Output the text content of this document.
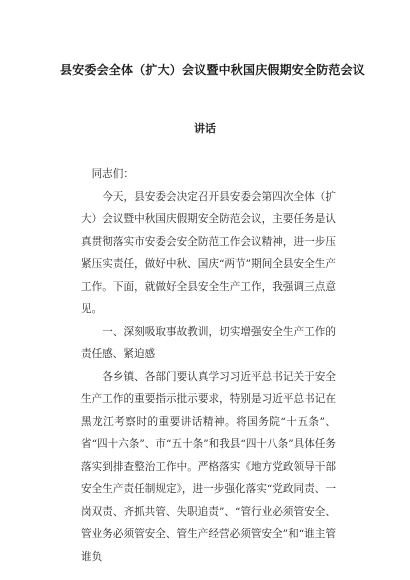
县安委会全体（扩大）会议暨中秋国庆假期安全防范会议
讲话

同志们：

今天，县安委会决定召开县安委会第四次全体（扩大）会议暨中秋国庆假期安全防范会议，主要任务是认真贯彻落实市安委会安全防范工作会议精神，进一步压紧压实责任，做好中秋、国庆“两节”期间全县安全生产工作。下面，就做好全县安全生产工作，我强调三点意见。

一、深刻吸取事故教训，切实增强安全生产工作的责任感、紧迫感

各乡镇、各部门要认真学习习近平总书记关于安全生产工作的重要指示批示要求，特别是习近平总书记在黑龙江考察时的重要讲话精神。将国务院“十五条”、省“四十六条”、市“五十条”和我县“四十八条”具体任务落实到排查整治工作中。严格落实《地方党政领导干部安全生产责任制规定》，进一步强化落实“党政同责、一岗双责、齐抓共管、失职追责”、“管行业必须管安全、管业务必须管安全、管生产经营必须管安全”和“谁主管谁负
